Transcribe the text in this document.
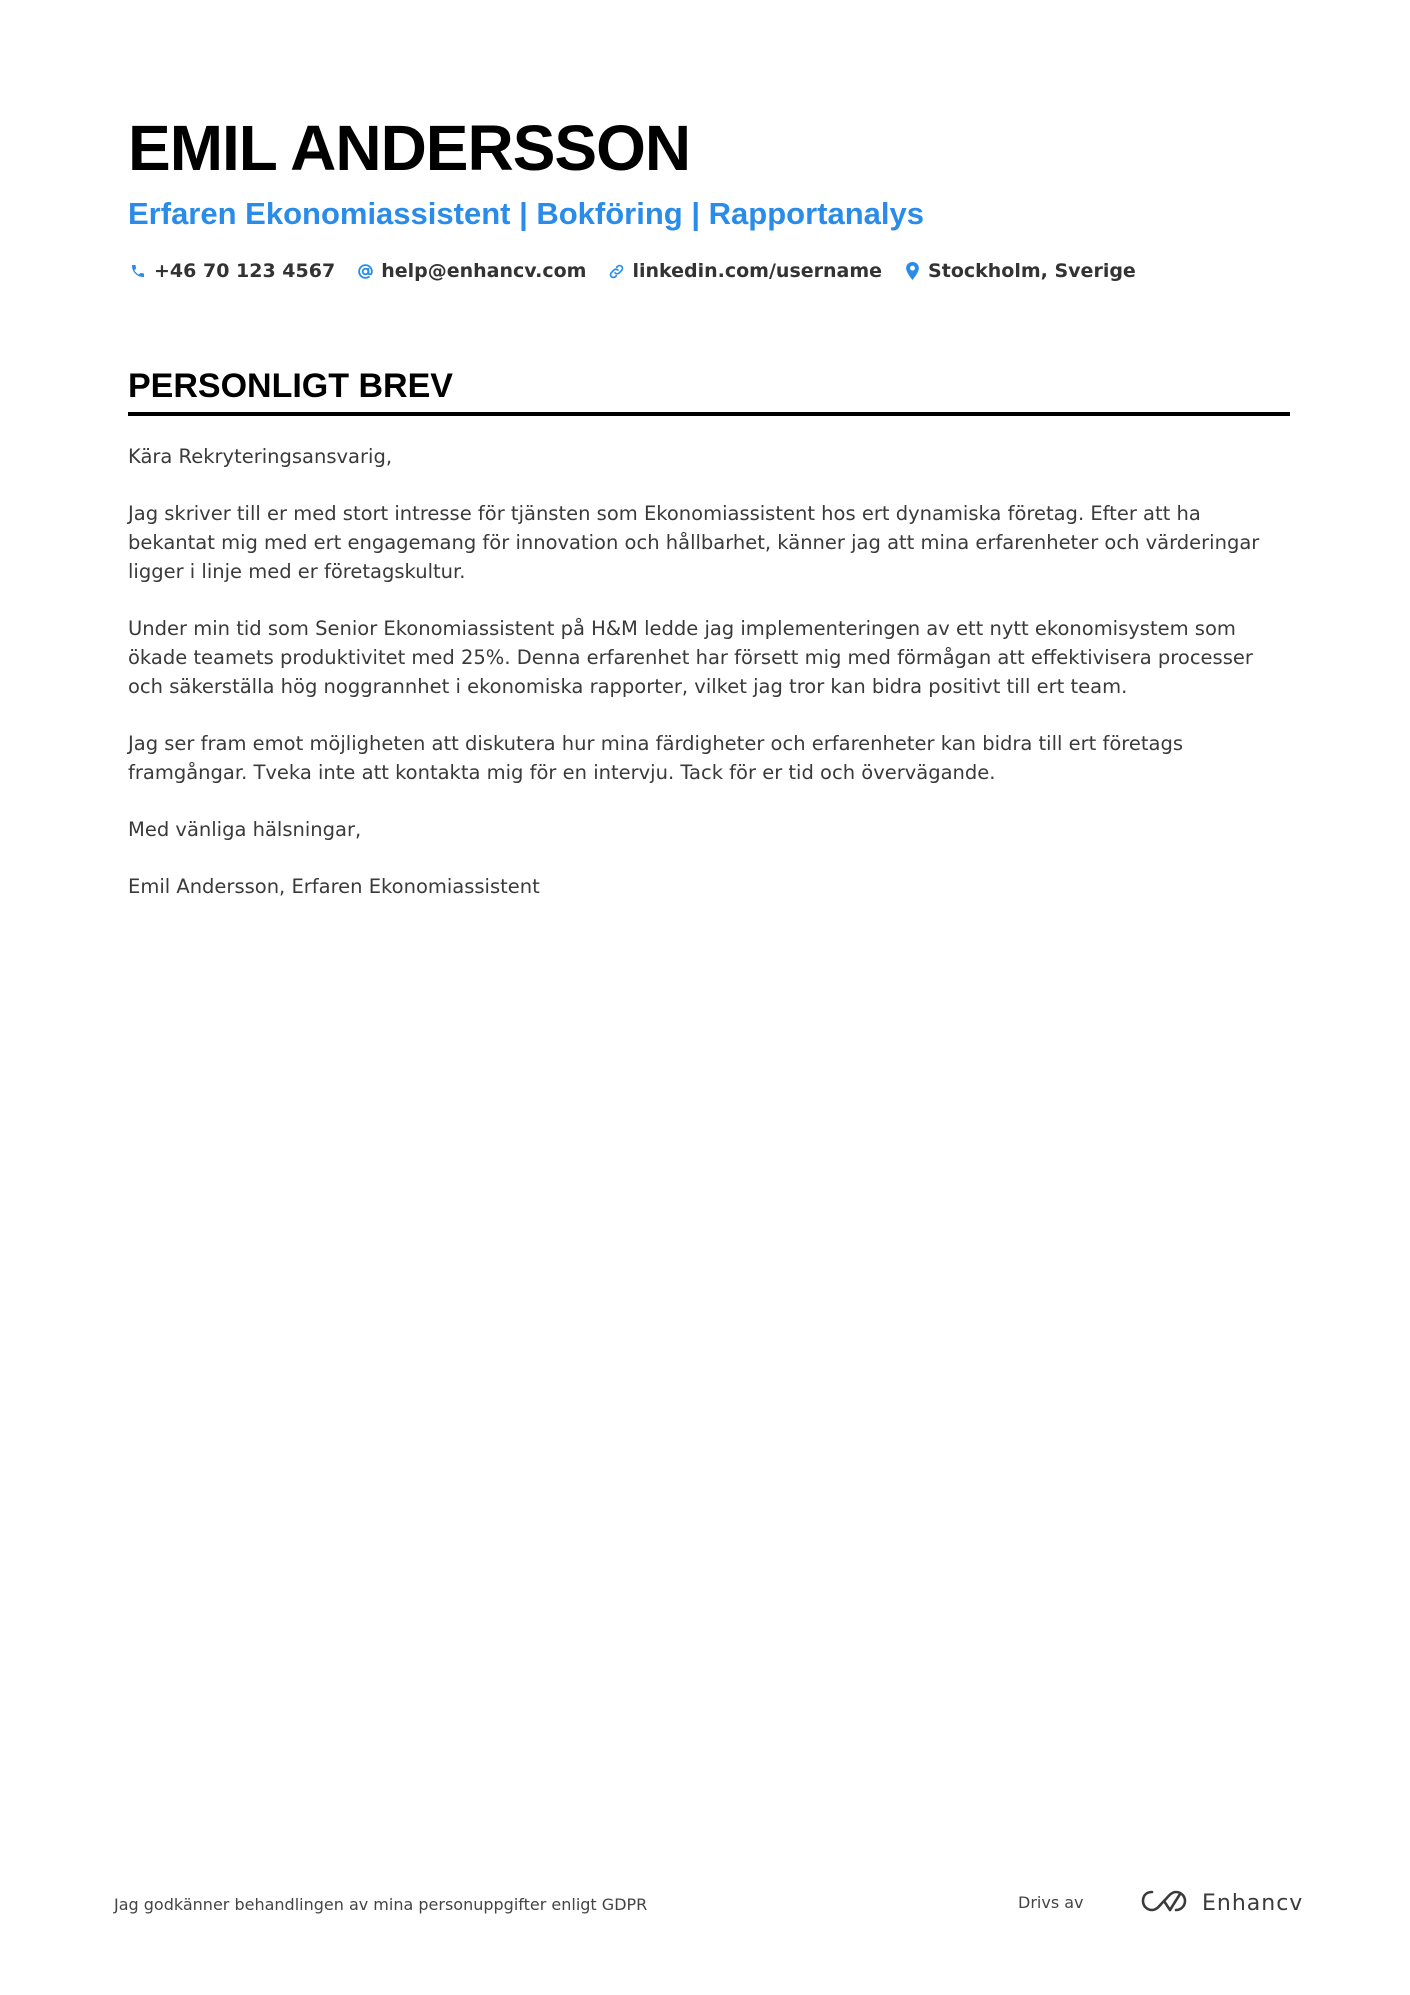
EMIL ANDERSSON
Erfaren Ekonomiassistent | Bokföring | Rapportanalys
+46 70 123 4567 help@enhancv.com linkedin.com/username Stockholm, Sverige
PERSONLIGT BREV

Kära Rekryteringsansvarig,

Jag skriver till er med stort intresse för tjänsten som Ekonomiassistent hos ert dynamiska företag. Efter att ha bekantat mig med ert engagemang för innovation och hållbarhet, känner jag att mina erfarenheter och värderingar ligger i linje med er företagskultur.

Under min tid som Senior Ekonomiassistent på H&M ledde jag implementeringen av ett nytt ekonomisystem som ökade teamets produktivitet med 25%. Denna erfarenhet har försett mig med förmågan att effektivisera processer och säkerställa hög noggrannhet i ekonomiska rapporter, vilket jag tror kan bidra positivt till ert team.

Jag ser fram emot möjligheten att diskutera hur mina färdigheter och erfarenheter kan bidra till ert företags framgångar. Tveka inte att kontakta mig för en intervju. Tack för er tid och övervägande.

Med vänliga hälsningar,

Emil Andersson, Erfaren Ekonomiassistent

Jag godkänner behandlingen av mina personuppgifter enligt GDPR	Drivs av	Enhancv
